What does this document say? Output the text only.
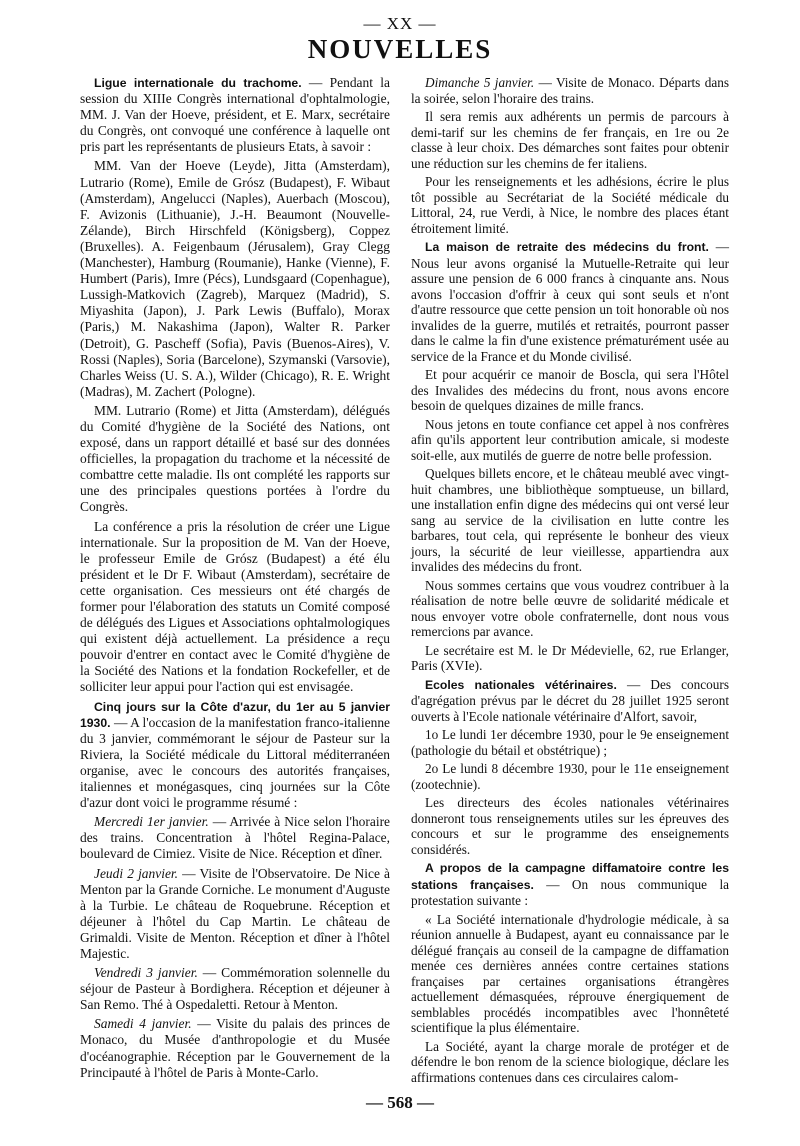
— XX —
NOUVELLES

Ligue internationale du trachome. — Pendant la session du XIIIe Congrès international d'ophtalmologie, MM. J. Van der Hoeve, président, et E. Marx, secrétaire du Congrès, ont convoqué une conférence à laquelle ont pris part les représentants de plusieurs Etats, à savoir :

MM. Van der Hoeve (Leyde), Jitta (Amsterdam), Lutrario (Rome), Emile de Grósz (Budapest), F. Wibaut (Amsterdam), Angelucci (Naples), Auerbach (Moscou), F. Avizonis (Lithuanie), J.-H. Beaumont (Nouvelle-Zélande), Birch Hirschfeld (Königsberg), Coppez (Bruxelles). A. Feigenbaum (Jérusalem), Gray Clegg (Manchester), Hamburg (Roumanie), Hanke (Vienne), F. Humbert (Paris), Imre (Pécs), Lundsgaard (Copenhague), Lussigh-Matkovich (Zagreb), Marquez (Madrid), S. Miyashita (Japon), J. Park Lewis (Buffalo), Morax (Paris,) M. Nakashima (Japon), Walter R. Parker (Detroit), G. Pascheff (Sofia), Pavis (Buenos-Aires), V. Rossi (Naples), Soria (Barcelone), Szymanski (Varsovie), Charles Weiss (U. S. A.), Wilder (Chicago), R. E. Wright (Madras), M. Zachert (Pologne).

MM. Lutrario (Rome) et Jitta (Amsterdam), délégués du Comité d'hygiène de la Société des Nations, ont exposé, dans un rapport détaillé et basé sur des données officielles, la propagation du trachome et la nécessité de combattre cette maladie. Ils ont complété les rapports sur une des principales questions portées à l'ordre du Congrès.

La conférence a pris la résolution de créer une Ligue internationale. Sur la proposition de M. Van der Hoeve, le professeur Emile de Grósz (Budapest) a été élu président et le Dr F. Wibaut (Amsterdam), secrétaire de cette organisation. Ces messieurs ont été chargés de former pour l'élaboration des statuts un Comité composé de délégués des Ligues et Associations ophtalmologiques qui existent déjà actuellement. La présidence a reçu pouvoir d'entrer en contact avec le Comité d'hygiène de la Société des Nations et la fondation Rockefeller, et de solliciter leur appui pour l'action qui est envisagée.

Cinq jours sur la Côte d'azur, du 1er au 5 janvier 1930. — A l'occasion de la manifestation franco-italienne du 3 janvier, commémorant le séjour de Pasteur sur la Riviera, la Société médicale du Littoral méditerranéen organise, avec le concours des autorités françaises, italiennes et monégasques, cinq journées sur la Côte d'azur dont voici le programme résumé :

Mercredi 1er janvier. — Arrivée à Nice selon l'horaire des trains. Concentration à l'hôtel Regina-Palace, boulevard de Cimiez. Visite de Nice. Réception et dîner.

Jeudi 2 janvier. — Visite de l'Observatoire. De Nice à Menton par la Grande Corniche. Le monument d'Auguste à la Turbie. Le château de Roquebrune. Réception et déjeuner à l'hôtel du Cap Martin. Le château de Grimaldi. Visite de Menton. Réception et dîner à l'hôtel Majestic.

Vendredi 3 janvier. — Commémoration solennelle du séjour de Pasteur à Bordighera. Réception et déjeuner à San Remo. Thé à Ospedaletti. Retour à Menton.

Samedi 4 janvier. — Visite du palais des princes de Monaco, du Musée d'anthropologie et du Musée d'océanographie. Réception par le Gouvernement de la Principauté à l'hôtel de Paris à Monte-Carlo.

Dimanche 5 janvier. — Visite de Monaco. Départs dans la soirée, selon l'horaire des trains.

Il sera remis aux adhérents un permis de parcours à demi-tarif sur les chemins de fer français, en 1re ou 2e classe à leur choix. Des démarches sont faites pour obtenir une réduction sur les chemins de fer italiens.

Pour les renseignements et les adhésions, écrire le plus tôt possible au Secrétariat de la Société médicale du Littoral, 24, rue Verdi, à Nice, le nombre des places étant étroitement limité.

La maison de retraite des médecins du front. — Nous leur avons organisé la Mutuelle-Retraite qui leur assure une pension de 6 000 francs à cinquante ans. Nous avons l'occasion d'offrir à ceux qui sont seuls et n'ont d'autre ressource que cette pension un toit honorable où nos invalides de la guerre, mutilés et retraités, pourront passer dans le calme la fin d'une existence prématurément usée au service de la France et du Monde civilisé.

Et pour acquérir ce manoir de Boscla, qui sera l'Hôtel des Invalides des médecins du front, nous avons encore besoin de quelques dizaines de mille francs.

Nous jetons en toute confiance cet appel à nos confrères afin qu'ils apportent leur contribution amicale, si modeste soit-elle, aux mutilés de guerre de notre belle profession.

Quelques billets encore, et le château meublé avec vingt-huit chambres, une bibliothèque somptueuse, un billard, une installation enfin digne des médecins qui ont versé leur sang au service de la civilisation en lutte contre les barbares, tout cela, qui représente le bonheur des vieux jours, la sécurité de leur vieillesse, appartiendra aux invalides des médecins du front.

Nous sommes certains que vous voudrez contribuer à la réalisation de notre belle œuvre de solidarité médicale et nous envoyer votre obole confraternelle, dont nous vous remercions par avance.

Le secrétaire est M. le Dr Médevielle, 62, rue Erlanger, Paris (XVIe).

Ecoles nationales vétérinaires. — Des concours d'agrégation prévus par le décret du 28 juillet 1925 seront ouverts à l'Ecole nationale vétérinaire d'Alfort, savoir,

1o Le lundi 1er décembre 1930, pour le 9e enseignement (pathologie du bétail et obstétrique) ;

2o Le lundi 8 décembre 1930, pour le 11e enseignement (zootechnie).

Les directeurs des écoles nationales vétérinaires donneront tous renseignements utiles sur les épreuves des concours et sur le programme des enseignements considérés.

A propos de la campagne diffamatoire contre les stations françaises. — On nous communique la protestation suivante :

« La Société internationale d'hydrologie médicale, à sa réunion annuelle à Budapest, ayant eu connaissance par le délégué français au conseil de la campagne de diffamation menée ces dernières années contre certaines stations françaises par certaines organisations étrangères actuellement démasquées, réprouve énergiquement de semblables procédés incompatibles avec l'honnêteté scientifique la plus élémentaire.

La Société, ayant la charge morale de protéger et de défendre le bon renom de la science biologique, déclare les affirmations contenues dans ces circulaires calom-

— 568 —
